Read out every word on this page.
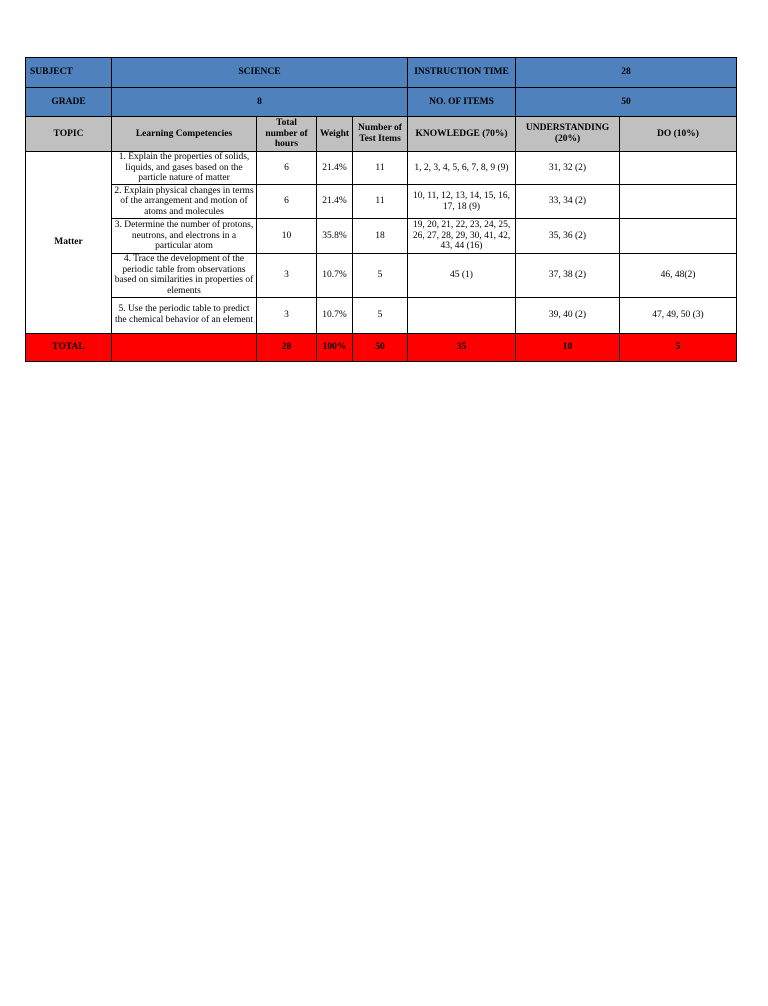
SUBJECT	SCIENCE				INSTRUCTION TIME	28	
GRADE	8				NO. OF ITEMS	50	
TOPIC	Learning Competencies	Total number of hours	Weight	Number of Test Items	KNOWLEDGE (70%)	UNDERSTANDING (20%)	DO (10%)
Matter	1. Explain the properties of solids, liquids, and gases based on the particle nature of matter	6	21.4%	11	1, 2, 3, 4, 5, 6, 7, 8, 9 (9)	31, 32 (2)	
	2. Explain physical changes in terms of the arrangement and motion of atoms and molecules	6	21.4%	11	10, 11, 12, 13, 14, 15, 16, 17, 18 (9)	33, 34 (2)	
	3. Determine the number of protons, neutrons, and electrons in a particular atom	10	35.8%	18	19, 20, 21, 22, 23, 24, 25, 26, 27, 28, 29, 30, 41, 42, 43, 44 (16)	35, 36 (2)	
	4. Trace the development of the periodic table from observations based on similarities in properties of elements	3	10.7%	5	45 (1)	37, 38 (2)	46, 48(2)
	5. Use the periodic table to predict the chemical behavior of an element	3	10.7%	5		39, 40 (2)	47, 49, 50 (3)
TOTAL		28	100%	50	35	10	5
